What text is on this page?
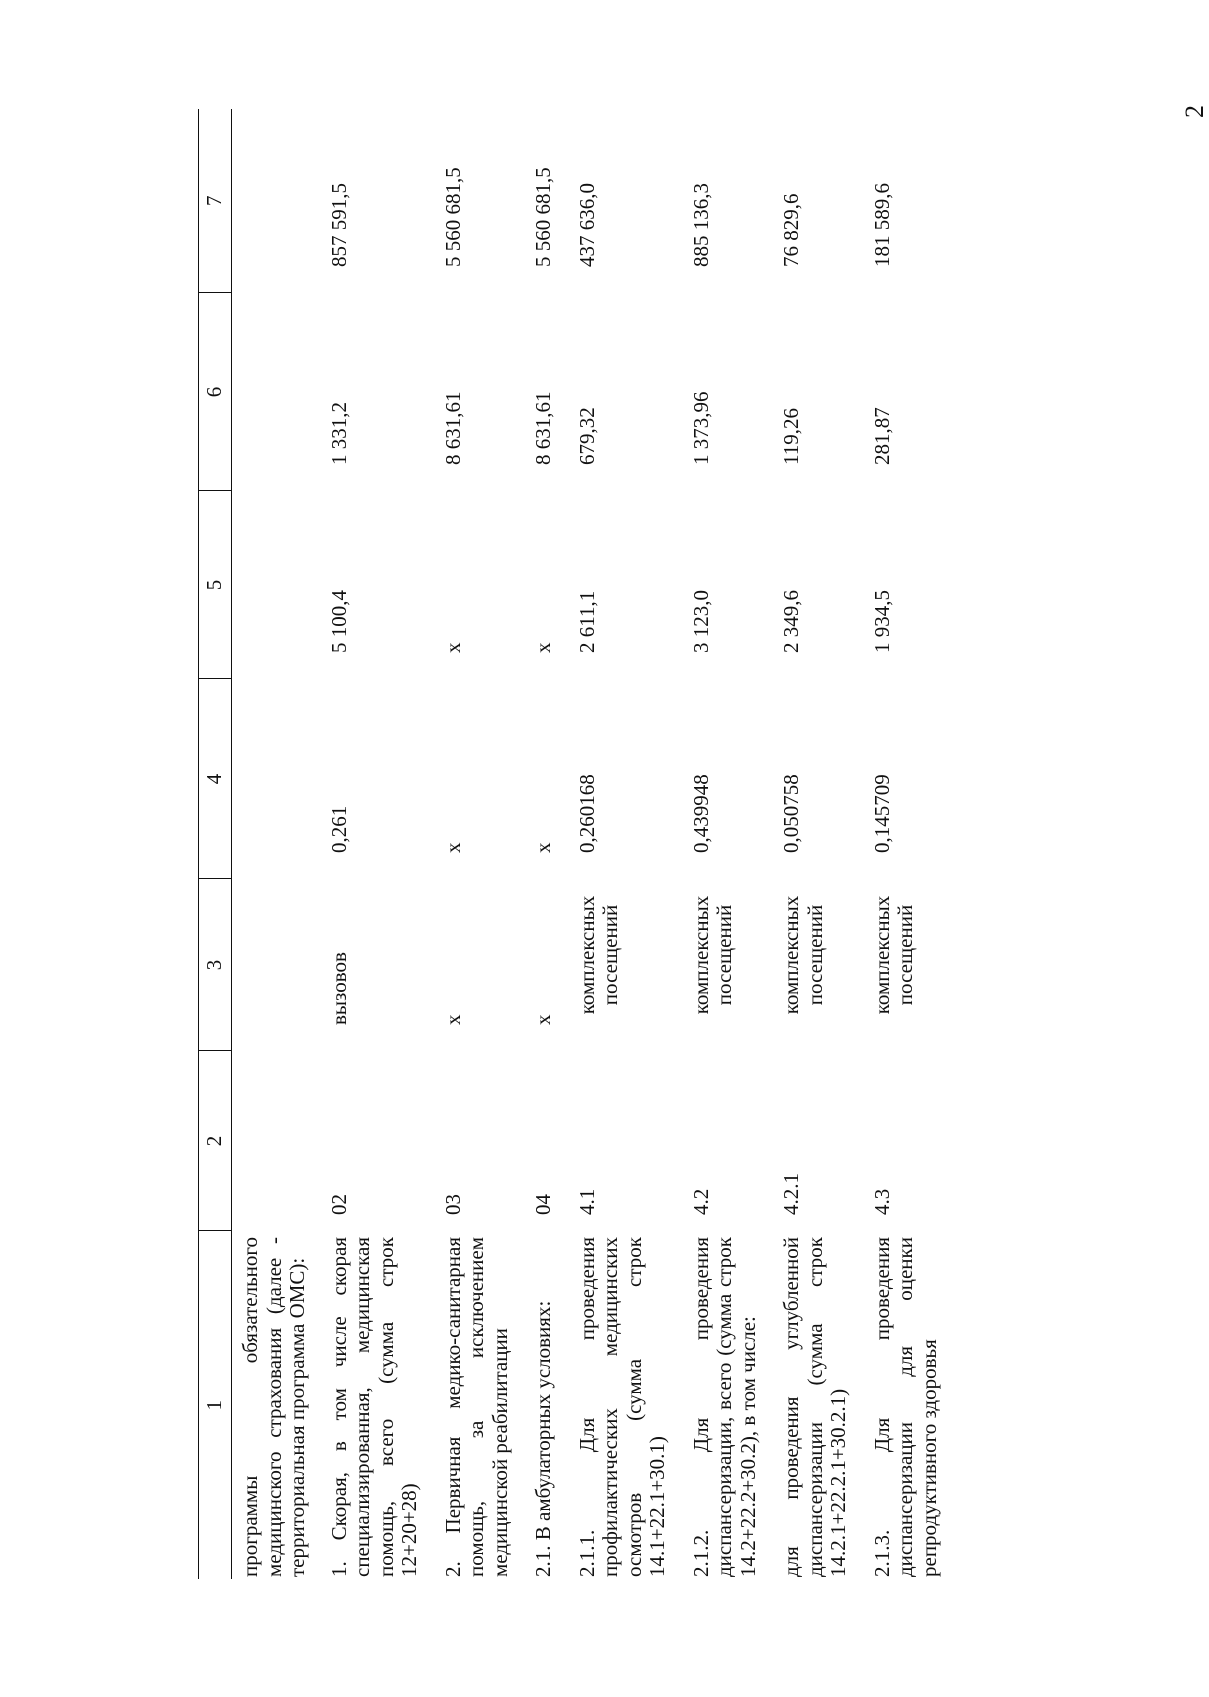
2
1	2	3	4	5	6	7
программы обязательного медицинского страхования (далее - территориальная программа ОМС):						
1. Скорая, в том числе скорая специализированная, медицинская помощь, всего (сумма строк 12+20+28)	02	вызовов	0,261	5 100,4	1 331,2	857 591,5
2. Первичная медико-санитарная помощь, за исключением медицинской реабилитации	03	х	х	х	8 631,61	5 560 681,5
2.1. В амбулаторных условиях:	04	х	х	х	8 631,61	5 560 681,5
2.1.1. Для проведения профилактических медицинских осмотров (сумма строк 14.1+22.1+30.1)	4.1	комплексных посещений	0,260168	2 611,1	679,32	437 636,0
2.1.2. Для проведения диспансеризации, всего (сумма строк 14.2+22.2+30.2), в том числе:	4.2	комплексных посещений	0,439948	3 123,0	1 373,96	885 136,3
для проведения углубленной диспансеризации (сумма строк 14.2.1+22.2.1+30.2.1)	4.2.1	комплексных посещений	0,050758	2 349,6	119,26	76 829,6
2.1.3. Для проведения диспансеризации для оценки репродуктивного здоровья	4.3	комплексных посещений	0,145709	1 934,5	281,87	181 589,6
